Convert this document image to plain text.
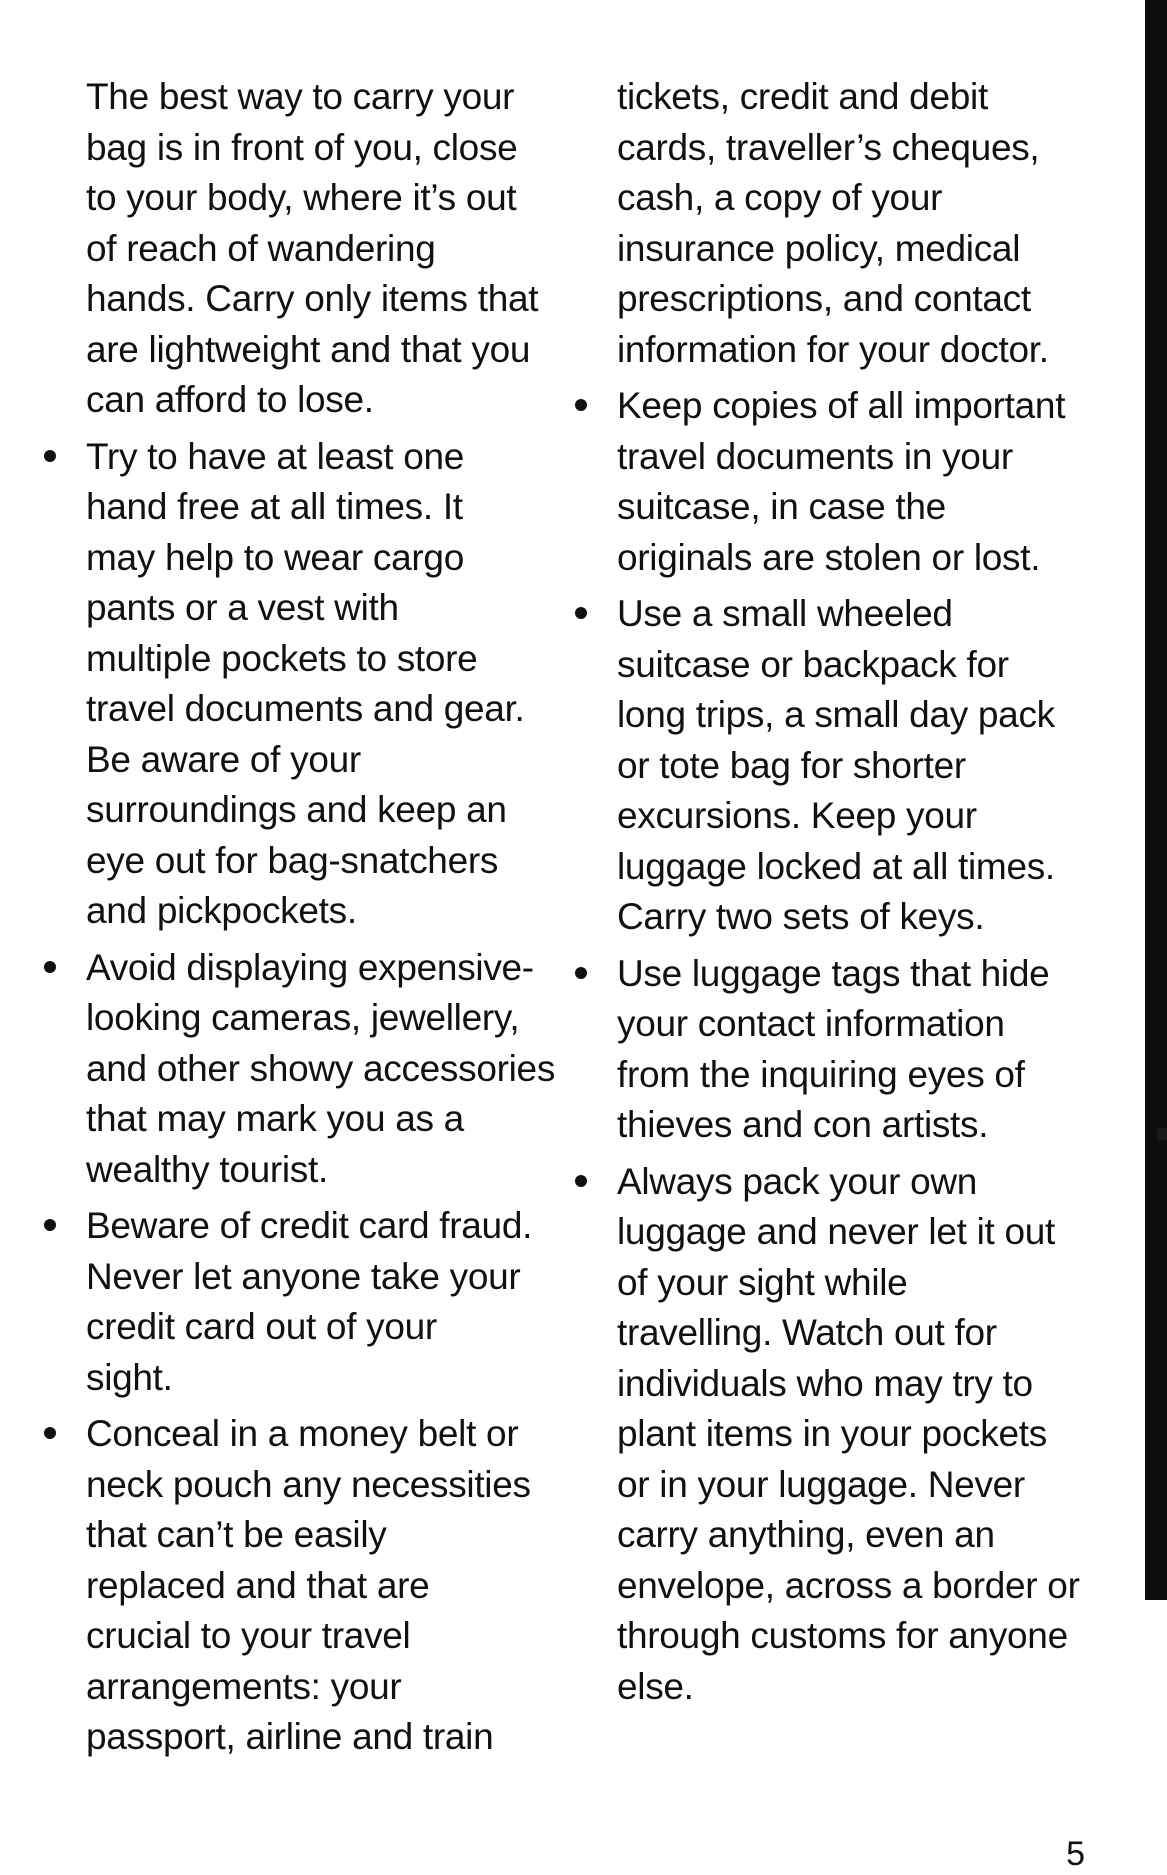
The best way to carry your
bag is in front of you, close
to your body, where it’s out
of reach of wandering
hands. Carry only items that
are lightweight and that you
can afford to lose.

Try to have at least one
hand free at all times. It
may help to wear cargo
pants or a vest with
multiple pockets to store
travel documents and gear.
Be aware of your
surroundings and keep an
eye out for bag-snatchers
and pickpockets.
Avoid displaying expensive-
looking cameras, jewellery,
and other showy accessories
that may mark you as a
wealthy tourist.
Beware of credit card fraud.
Never let anyone take your
credit card out of your
sight.
Conceal in a money belt or
neck pouch any necessities
that can’t be easily
replaced and that are
crucial to your travel
arrangements: your
passport, airline and train

tickets, credit and debit
cards, traveller’s cheques,
cash, a copy of your
insurance policy, medical
prescriptions, and contact
information for your doctor.

Keep copies of all important
travel documents in your
suitcase, in case the
originals are stolen or lost.
Use a small wheeled
suitcase or backpack for
long trips, a small day pack
or tote bag for shorter
excursions. Keep your
luggage locked at all times.
Carry two sets of keys.
Use luggage tags that hide
your contact information
from the inquiring eyes of
thieves and con artists.
Always pack your own
luggage and never let it out
of your sight while
travelling. Watch out for
individuals who may try to
plant items in your pockets
or in your luggage. Never
carry anything, even an
envelope, across a border or
through customs for anyone
else.
5
